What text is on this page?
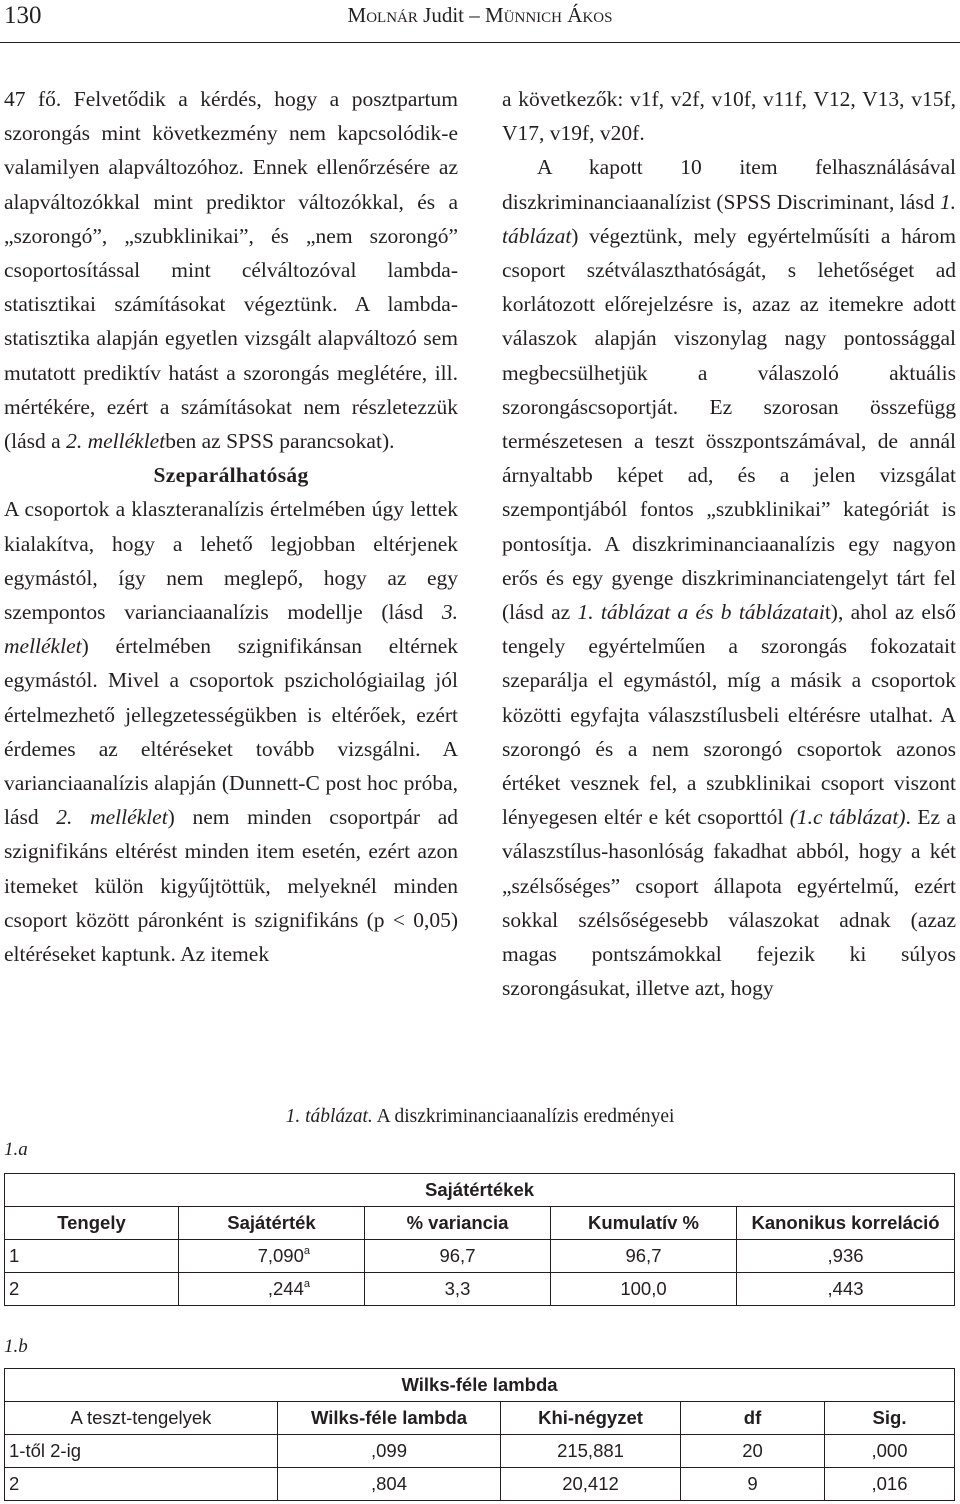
130	Molnár Judit – Münnich Ákos

47 fő. Felvetődik a kérdés, hogy a posztpartum szorongás mint következmény nem kapcsolódik-e valamilyen alapváltozóhoz. Ennek ellenőrzésére az alapváltozókkal mint prediktor változókkal, és a „szorongó”, „szubklinikai”, és „nem szorongó” csoportosítással mint célváltozóval lambda-statisztikai számításokat végeztünk. A lambda-statisztika alapján egyetlen vizsgált alapváltozó sem mutatott prediktív hatást a szorongás meglétére, ill. mértékére, ezért a számításokat nem részletezzük (lásd a 2. mellékletben az SPSS parancsokat).

Szeparálhatóság

A csoportok a klaszteranalízis értelmében úgy lettek kialakítva, hogy a lehető legjobban eltérjenek egymástól, így nem meglepő, hogy az egy szempontos varianciaanalízis modellje (lásd 3. melléklet) értelmében szignifikánsan eltérnek egymástól. Mivel a csoportok pszichológiailag jól értelmezhető jellegzetességükben is eltérőek, ezért érdemes az eltéréseket tovább vizsgálni. A varianciaanalízis alapján (Dunnett-C post hoc próba, lásd 2. melléklet) nem minden csoportpár ad szignifikáns eltérést minden item esetén, ezért azon itemeket külön kigyűjtöttük, melyeknél minden csoport között páronként is szignifikáns (p < 0,05) eltéréseket kaptunk. Az itemek

a következők: v1f, v2f, v10f, v11f, V12, V13, v15f, V17, v19f, v20f.

A kapott 10 item felhasználásával diszkriminanciaanalízist (SPSS Discriminant, lásd 1. táblázat) végeztünk, mely egyértelműsíti a három csoport szétválaszthatóságát, s lehetőséget ad korlátozott előrejelzésre is, azaz az itemekre adott válaszok alapján viszonylag nagy pontossággal megbecsülhetjük a válaszoló aktuális szorongáscsoportját. Ez szorosan összefügg természetesen a teszt összpontszámával, de annál árnyaltabb képet ad, és a jelen vizsgálat szempontjából fontos „szubklinikai” kategóriát is pontosítja. A diszkriminanciaanalízis egy nagyon erős és egy gyenge diszkriminanciatengelyt tárt fel (lásd az 1. táblázat a és b táblázatait), ahol az első tengely egyértelműen a szorongás fokozatait szeparálja el egymástól, míg a másik a csoportok közötti egyfajta válaszstílusbeli eltérésre utalhat. A szorongó és a nem szorongó csoportok azonos értéket vesznek fel, a szubklinikai csoport viszont lényegesen eltér e két csoporttól (1.c táblázat). Ez a válaszstílus-hasonlóság fakadhat abból, hogy a két „szélsőséges” csoport állapota egyértelmű, ezért sokkal szélsőségesebb válaszokat adnak (azaz magas pontszámokkal fejezik ki súlyos szorongásukat, illetve azt, hogy

1. táblázat. A diszkriminanciaanalízis eredményei
1.a
Sajátértékek				
Tengely	Sajátérték	% variancia	Kumulatív %	Kanonikus korreláció
1	7,090$^a$	96,7	96,7	,936
2	,244$^a$	3,3	100,0	,443
1.b
Wilks-féle lambda				
A teszt-tengelyek	Wilks-féle lambda	Khi-négyzet	df	Sig.
1-től 2-ig	,099	215,881	20	,000
2	,804	20,412	9	,016
